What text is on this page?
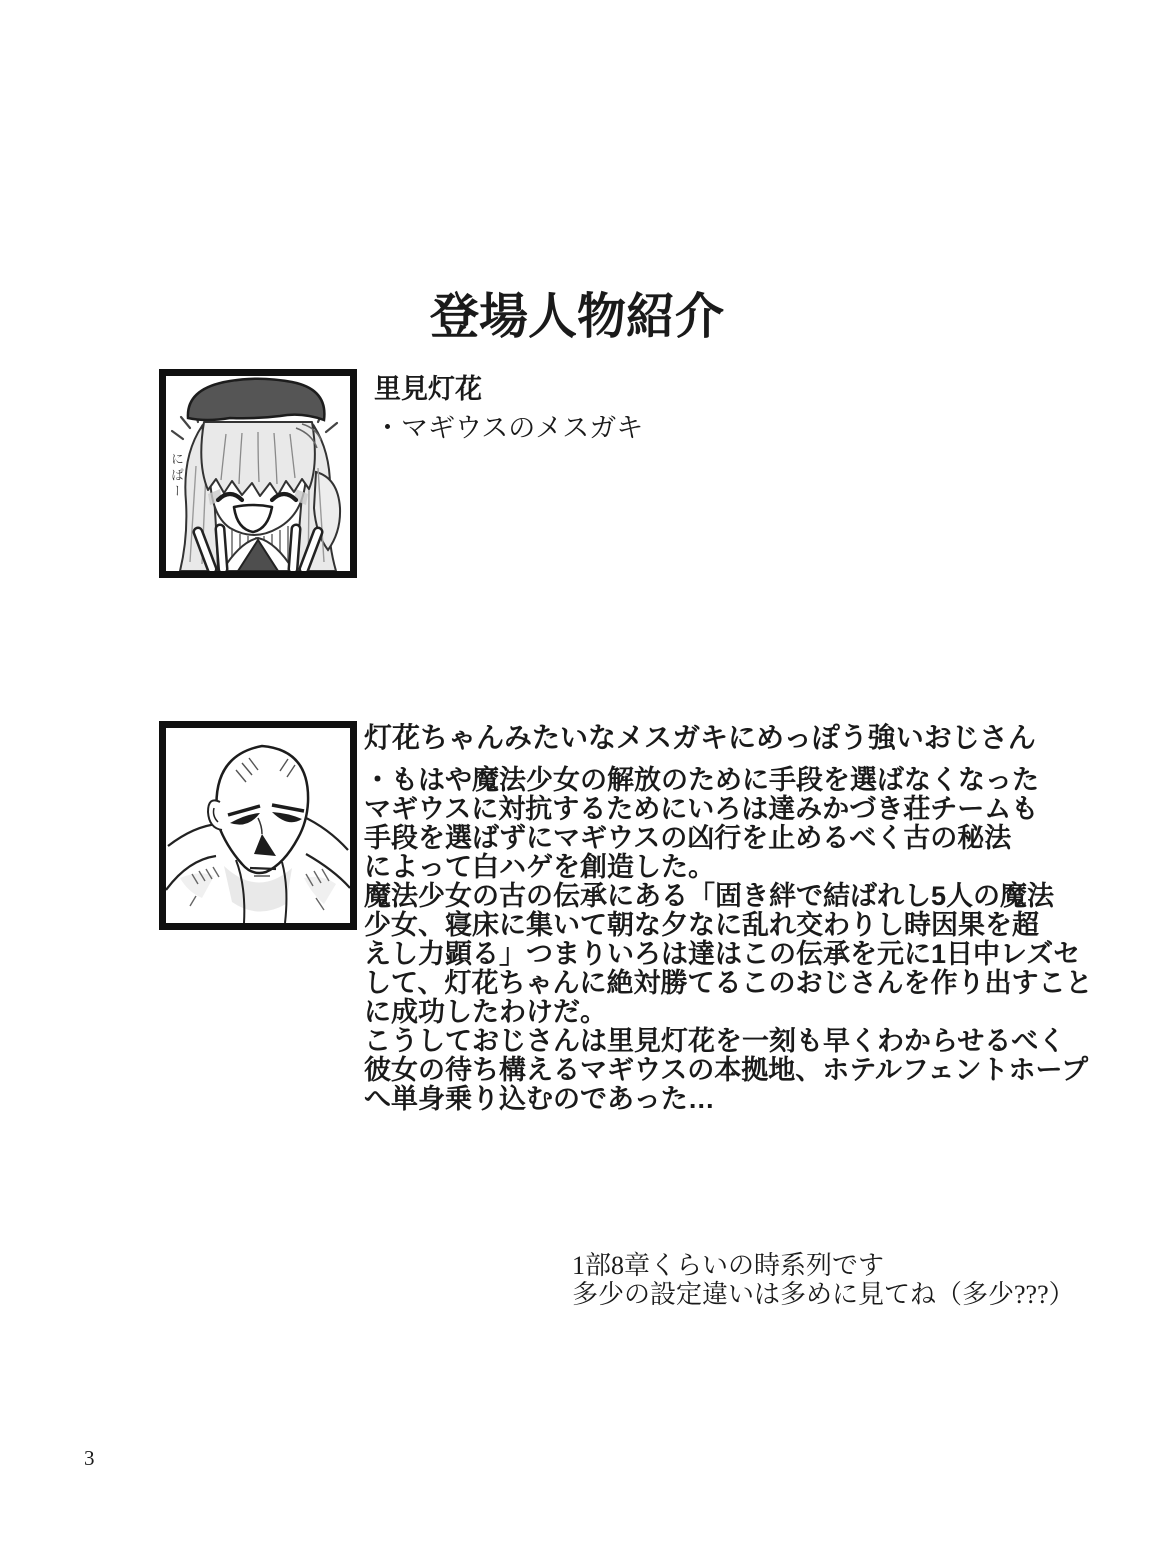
登場人物紹介
にぱー
里見灯花
・マギウスのメスガキ
灯花ちゃんみたいなメスガキにめっぽう強いおじさん
・もはや魔法少女の解放のために手段を選ばなくなった
マギウスに対抗するためにいろは達みかづき荘チームも
手段を選ばずにマギウスの凶行を止めるべく古の秘法
によって白ハゲを創造した。
魔法少女の古の伝承にある「固き絆で結ばれし5人の魔法
少女、寝床に集いて朝な夕なに乱れ交わりし時因果を超
えし力顕る」つまりいろは達はこの伝承を元に1日中レズセ
して、灯花ちゃんに絶対勝てるこのおじさんを作り出すこと
に成功したわけだ。
こうしておじさんは里見灯花を一刻も早くわからせるべく
彼女の待ち構えるマギウスの本拠地、ホテルフェントホープ
へ単身乗り込むのであった…
1部8章くらいの時系列です
多少の設定違いは多めに見てね（多少???）
3
